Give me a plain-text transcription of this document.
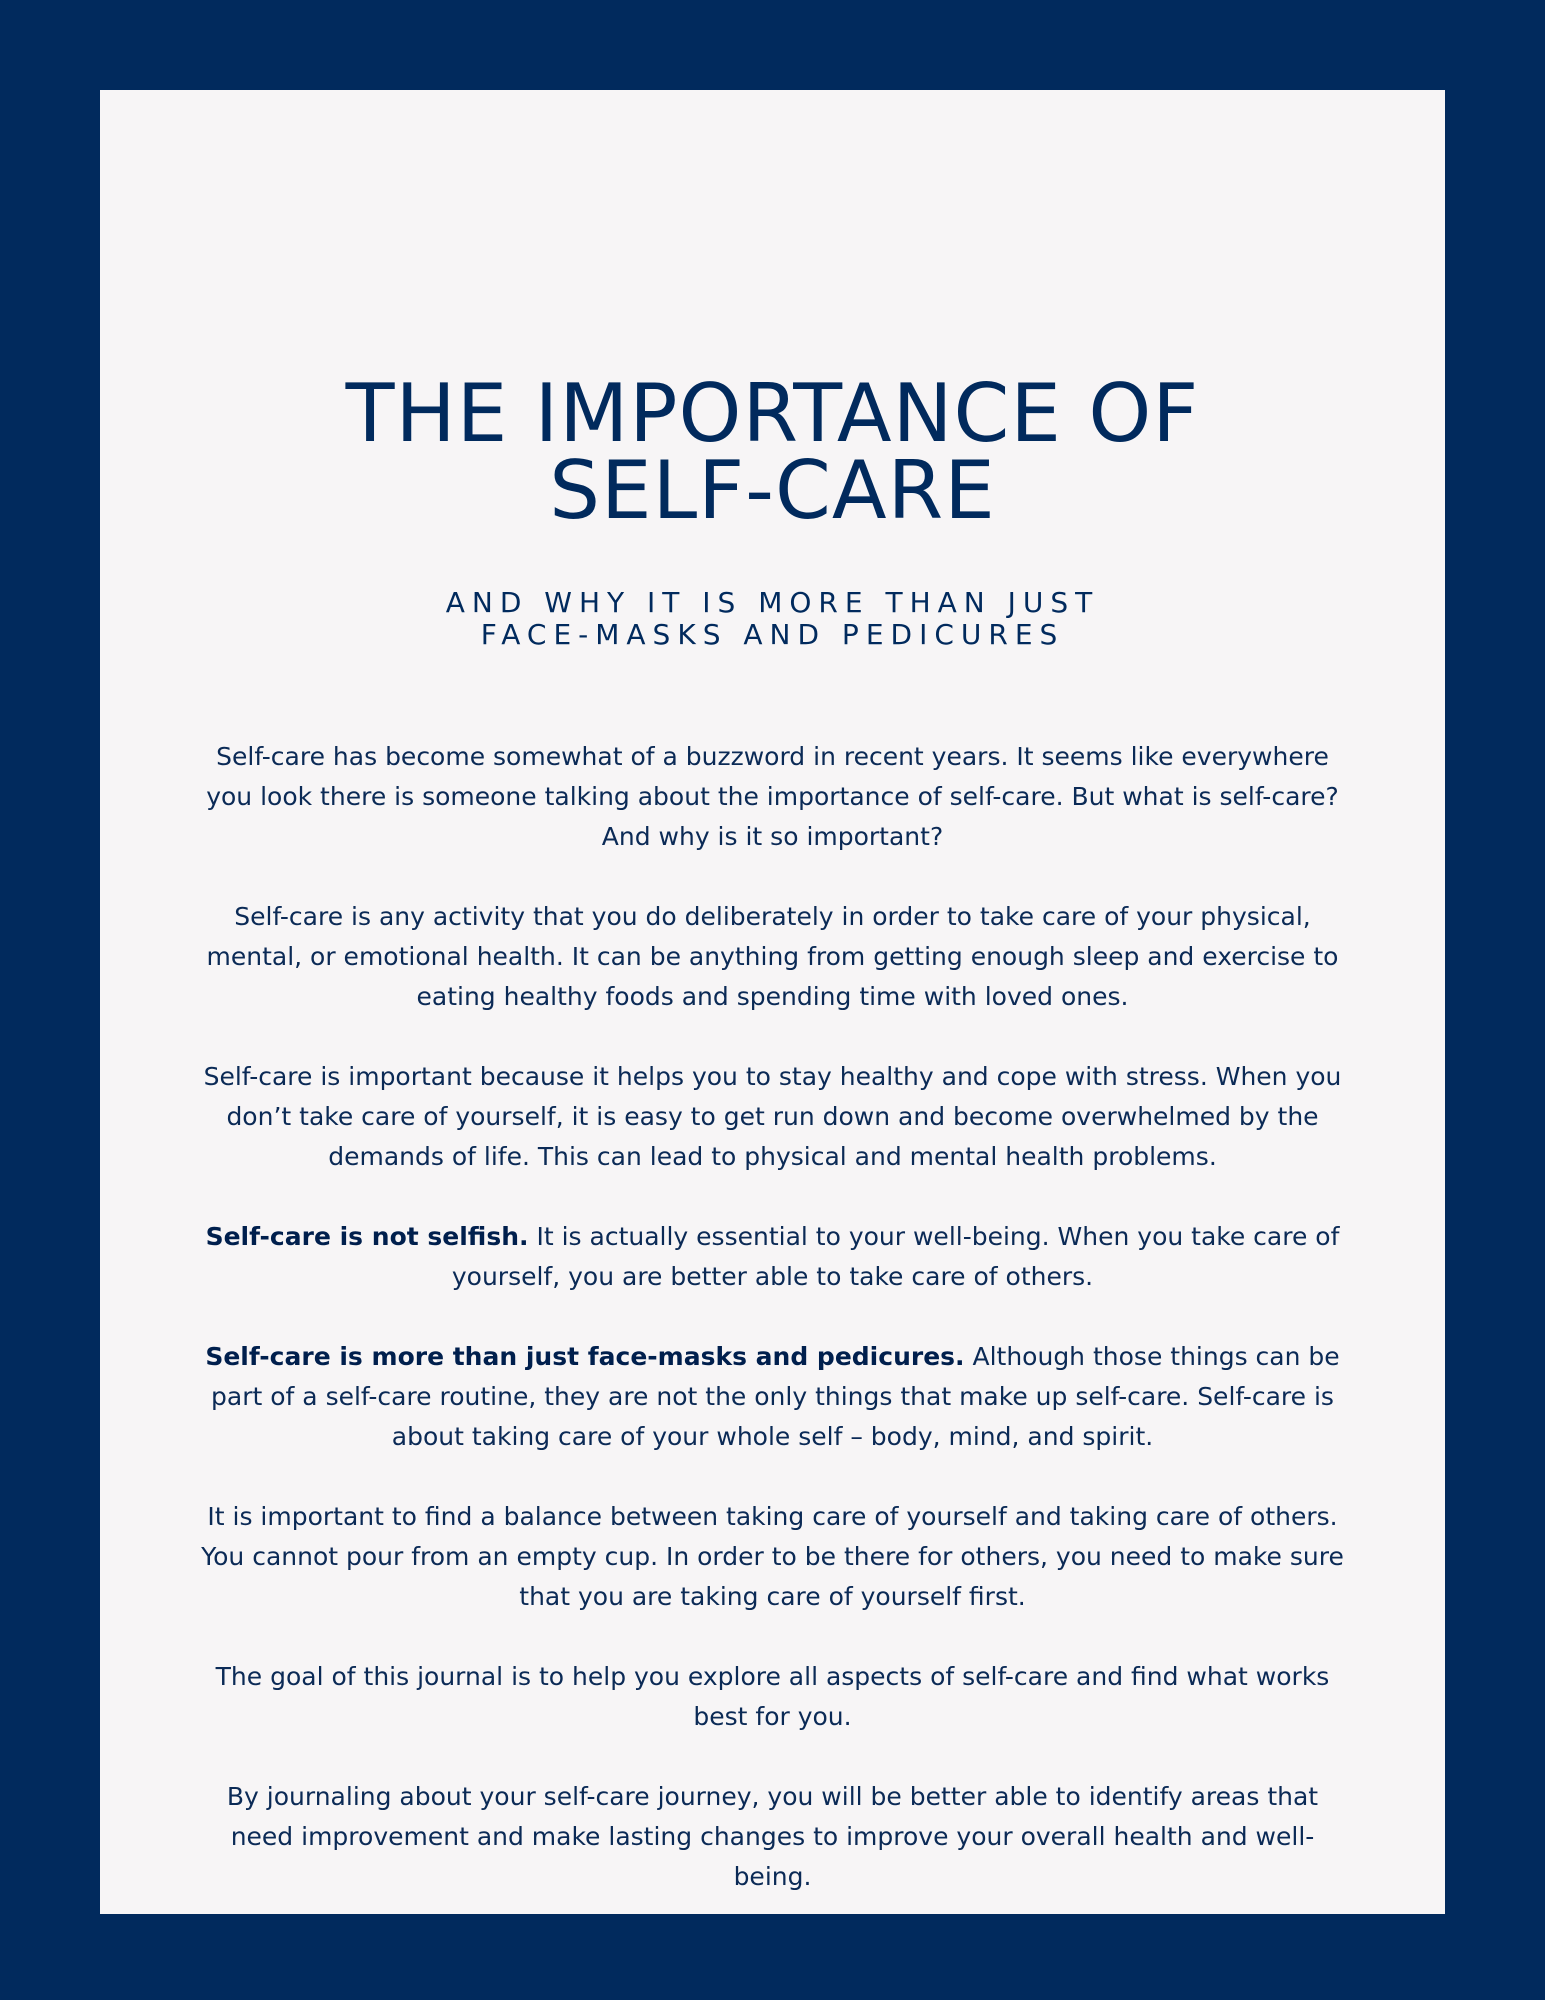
THE IMPORTANCE OF
SELF-CARE
AND WHY IT IS MORE THAN JUST
FACE-MASKS AND PEDICURES

Self-care has become somewhat of a buzzword in recent years. It seems like everywhere you look there is someone talking about the importance of self-care. But what is self-care? And why is it so important?

Self-care is any activity that you do deliberately in order to take care of your physical, mental, or emotional health. It can be anything from getting enough sleep and exercise to eating healthy foods and spending time with loved ones.

Self-care is important because it helps you to stay healthy and cope with stress. When you don’t take care of yourself, it is easy to get run down and become overwhelmed by the demands of life. This can lead to physical and mental health problems.

Self-care is not selfish. It is actually essential to your well-being. When you take care of yourself, you are better able to take care of others.

Self-care is more than just face-masks and pedicures. Although those things can be part of a self-care routine, they are not the only things that make up self-care. Self-care is about taking care of your whole self – body, mind, and spirit.

It is important to find a balance between taking care of yourself and taking care of others. You cannot pour from an empty cup. In order to be there for others, you need to make sure that you are taking care of yourself first.

The goal of this journal is to help you explore all aspects of self-care and find what works best for you.

By journaling about your self-care journey, you will be better able to identify areas that need improvement and make lasting changes to improve your overall health and well-being.
